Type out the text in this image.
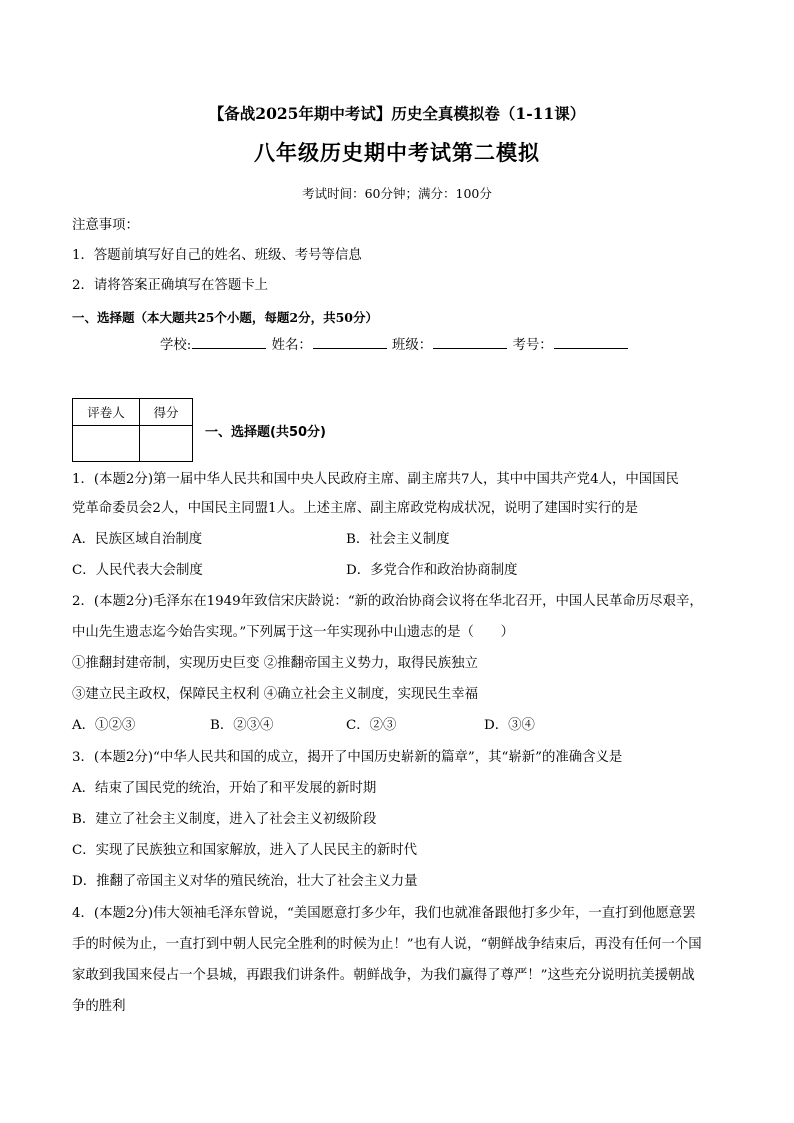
【备战2025年期中考试】历史全真模拟卷（1-11课）
八年级历史期中考试第二模拟
考试时间：60分钟；满分：100分
注意事项：
1．答题前填写好自己的姓名、班级、考号等信息
2．请将答案正确填写在答题卡上
一、选择题（本大题共25个小题，每题2分，共50分）
学校:	姓名：	班级：	考号：
评卷人	得分

一、选择题(共50分)
1．(本题2分)第一届中华人民共和国中央人民政府主席、副主席共7人，其中中国共产党4人，中国国民
党革命委员会2人，中国民主同盟1人。上述主席、副主席政党构成状况，说明了建国时实行的是
A．民族区域自治制度	B．社会主义制度
C．人民代表大会制度	D．多党合作和政治协商制度
2．(本题2分)毛泽东在1949年致信宋庆龄说：“新的政治协商会议将在华北召开，中国人民革命历尽艰辛，
中山先生遗志迄今始告实现。”下列属于这一年实现孙中山遗志的是（　　）
①推翻封建帝制，实现历史巨变 ②推翻帝国主义势力，取得民族独立
③建立民主政权，保障民主权利 ④确立社会主义制度，实现民生幸福
A．①②③	B．②③④	C．②③	D．③④
3．(本题2分)“中华人民共和国的成立，揭开了中国历史崭新的篇章”，其“崭新”的准确含义是
A．结束了国民党的统治，开始了和平发展的新时期
B．建立了社会主义制度，进入了社会主义初级阶段
C．实现了民族独立和国家解放，进入了人民民主的新时代
D．推翻了帝国主义对华的殖民统治，壮大了社会主义力量
4．(本题2分)伟大领袖毛泽东曾说，“美国愿意打多少年，我们也就准备跟他打多少年，一直打到他愿意罢
手的时候为止，一直打到中朝人民完全胜利的时候为止！”也有人说，“朝鲜战争结束后，再没有任何一个国
家敢到我国来侵占一个县城，再跟我们讲条件。朝鲜战争，为我们赢得了尊严！”这些充分说明抗美援朝战
争的胜利
